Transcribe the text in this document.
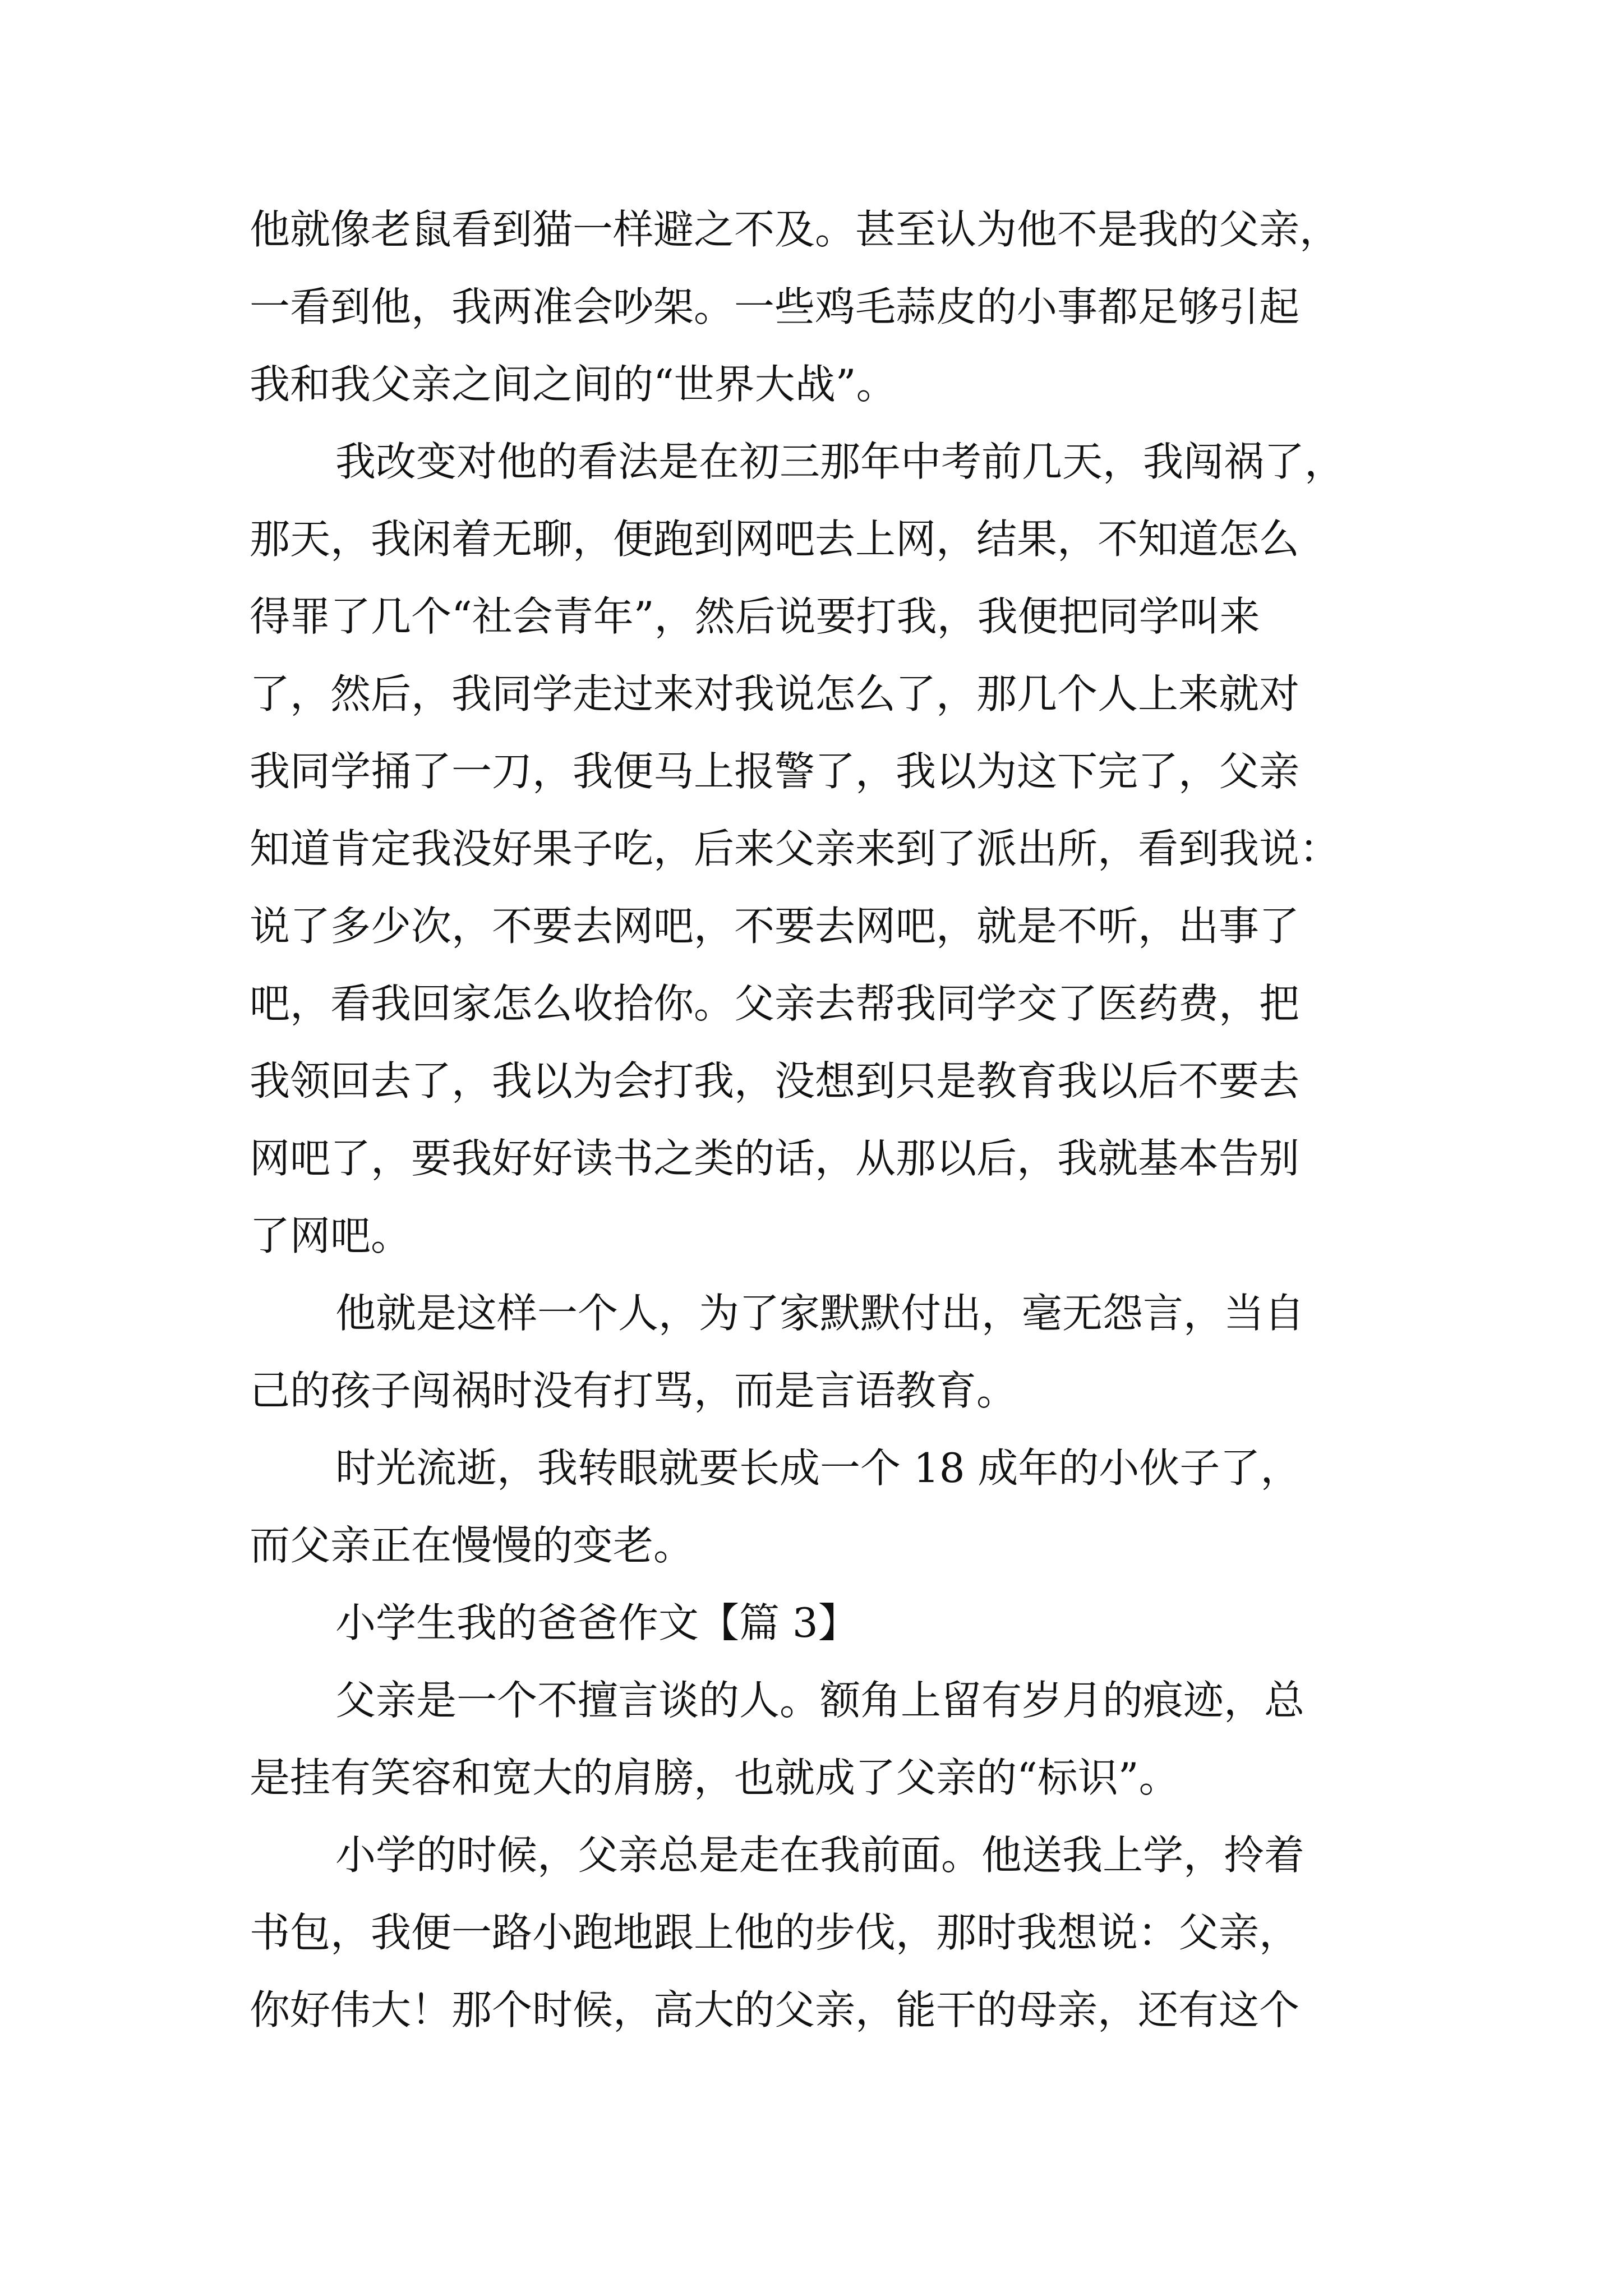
他就像老鼠看到猫一样避之不及。甚至认为他不是我的父亲，
一看到他，我两准会吵架。一些鸡毛蒜皮的小事都足够引起
我和我父亲之间之间的“世界大战”。
我改变对他的看法是在初三那年中考前几天，我闯祸了，
那天，我闲着无聊，便跑到网吧去上网，结果，不知道怎么
得罪了几个“社会青年”，然后说要打我，我便把同学叫来
了，然后，我同学走过来对我说怎么了，那几个人上来就对
我同学捅了一刀，我便马上报警了，我以为这下完了，父亲
知道肯定我没好果子吃，后来父亲来到了派出所，看到我说：
说了多少次，不要去网吧，不要去网吧，就是不听，出事了
吧，看我回家怎么收拾你。父亲去帮我同学交了医药费，把
我领回去了，我以为会打我，没想到只是教育我以后不要去
网吧了，要我好好读书之类的话，从那以后，我就基本告别
了网吧。
他就是这样一个人，为了家默默付出，毫无怨言，当自
己的孩子闯祸时没有打骂，而是言语教育。
时光流逝，我转眼就要长成一个 18 成年的小伙子了，
而父亲正在慢慢的变老。
小学生我的爸爸作文【篇 3】
父亲是一个不擅言谈的人。额角上留有岁月的痕迹，总
是挂有笑容和宽大的肩膀，也就成了父亲的“标识”。
小学的时候，父亲总是走在我前面。他送我上学，拎着
书包，我便一路小跑地跟上他的步伐，那时我想说：父亲，
你好伟大！那个时候，高大的父亲，能干的母亲，还有这个
